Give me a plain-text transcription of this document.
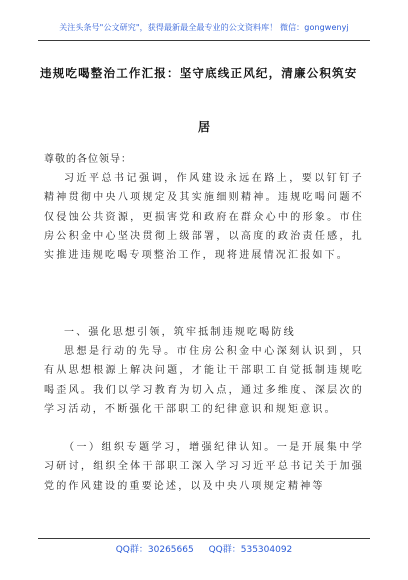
关注头条号"公文研究"，获得最新最全最专业的公文资料库！ 微信：gongwenyj
违规吃喝整治工作汇报：坚守底线正风纪，清廉公积筑安
居

尊敬的各位领导：

习近平总书记强调，作风建设永远在路上，要以钉钉子精神贯彻中央八项规定及其实施细则精神。违规吃喝问题不仅侵蚀公共资源，更损害党和政府在群众心中的形象。市住房公积金中心坚决贯彻上级部署，以高度的政治责任感，扎实推进违规吃喝专项整治工作，现将进展情况汇报如下。

一、强化思想引领，筑牢抵制违规吃喝防线

思想是行动的先导。市住房公积金中心深刻认识到，只有从思想根源上解决问题，才能让干部职工自觉抵制违规吃喝歪风。我们以学习教育为切入点，通过多维度、深层次的学习活动，不断强化干部职工的纪律意识和规矩意识。

（一）组织专题学习，增强纪律认知。一是开展集中学习研讨，组织全体干部职工深入学习习近平总书记关于加强党的作风建设的重要论述，以及中央八项规定精神等

QQ群：30265665 QQ群：535304092
